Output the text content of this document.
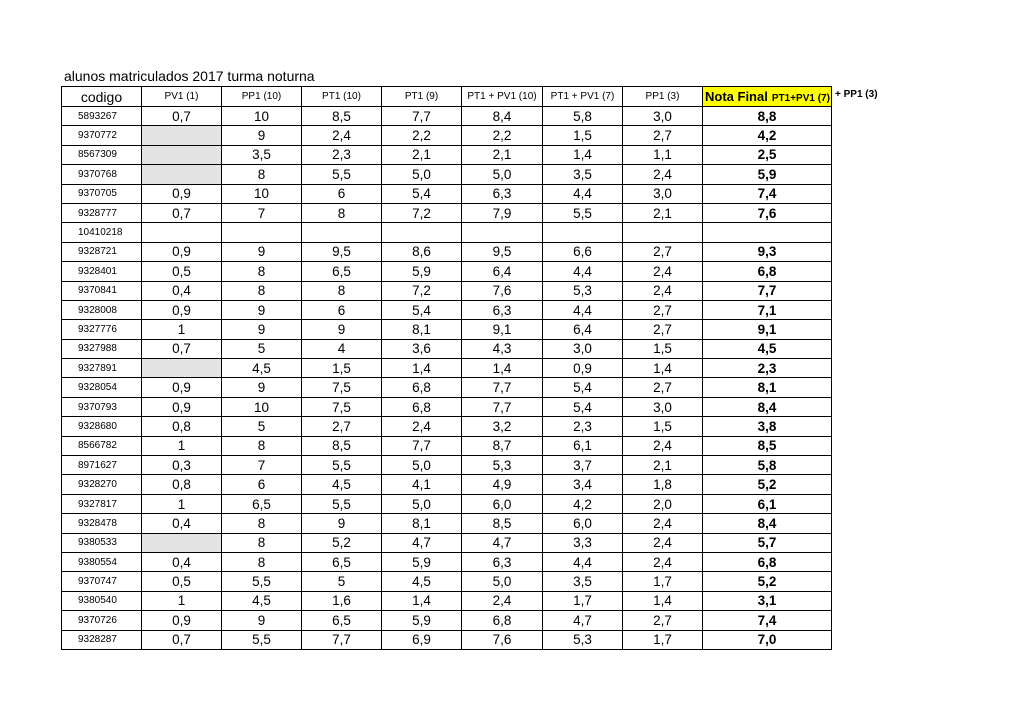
alunos matriculados 2017 turma noturna
codigo	PV1 (1)	PP1 (10)	PT1 (10)	PT1 (9)	PT1 + PV1 (10)	PT1 + PV1 (7)	PP1 (3)	Nota Final PT1+PV1 (7) + PP1 (3)

5893267	0,7	10	8,5	7,7	8,4	5,8	3,0	8,8
9370772		9	2,4	2,2	2,2	1,5	2,7	4,2
8567309		3,5	2,3	2,1	2,1	1,4	1,1	2,5
9370768		8	5,5	5,0	5,0	3,5	2,4	5,9
9370705	0,9	10	6	5,4	6,3	4,4	3,0	7,4
9328777	0,7	7	8	7,2	7,9	5,5	2,1	7,6
10410218								
9328721	0,9	9	9,5	8,6	9,5	6,6	2,7	9,3
9328401	0,5	8	6,5	5,9	6,4	4,4	2,4	6,8
9370841	0,4	8	8	7,2	7,6	5,3	2,4	7,7
9328008	0,9	9	6	5,4	6,3	4,4	2,7	7,1
9327776	1	9	9	8,1	9,1	6,4	2,7	9,1
9327988	0,7	5	4	3,6	4,3	3,0	1,5	4,5
9327891		4,5	1,5	1,4	1,4	0,9	1,4	2,3
9328054	0,9	9	7,5	6,8	7,7	5,4	2,7	8,1
9370793	0,9	10	7,5	6,8	7,7	5,4	3,0	8,4
9328680	0,8	5	2,7	2,4	3,2	2,3	1,5	3,8
8566782	1	8	8,5	7,7	8,7	6,1	2,4	8,5
8971627	0,3	7	5,5	5,0	5,3	3,7	2,1	5,8
9328270	0,8	6	4,5	4,1	4,9	3,4	1,8	5,2
9327817	1	6,5	5,5	5,0	6,0	4,2	2,0	6,1
9328478	0,4	8	9	8,1	8,5	6,0	2,4	8,4
9380533		8	5,2	4,7	4,7	3,3	2,4	5,7
9380554	0,4	8	6,5	5,9	6,3	4,4	2,4	6,8
9370747	0,5	5,5	5	4,5	5,0	3,5	1,7	5,2
9380540	1	4,5	1,6	1,4	2,4	1,7	1,4	3,1
9370726	0,9	9	6,5	5,9	6,8	4,7	2,7	7,4
9328287	0,7	5,5	7,7	6,9	7,6	5,3	1,7	7,0
